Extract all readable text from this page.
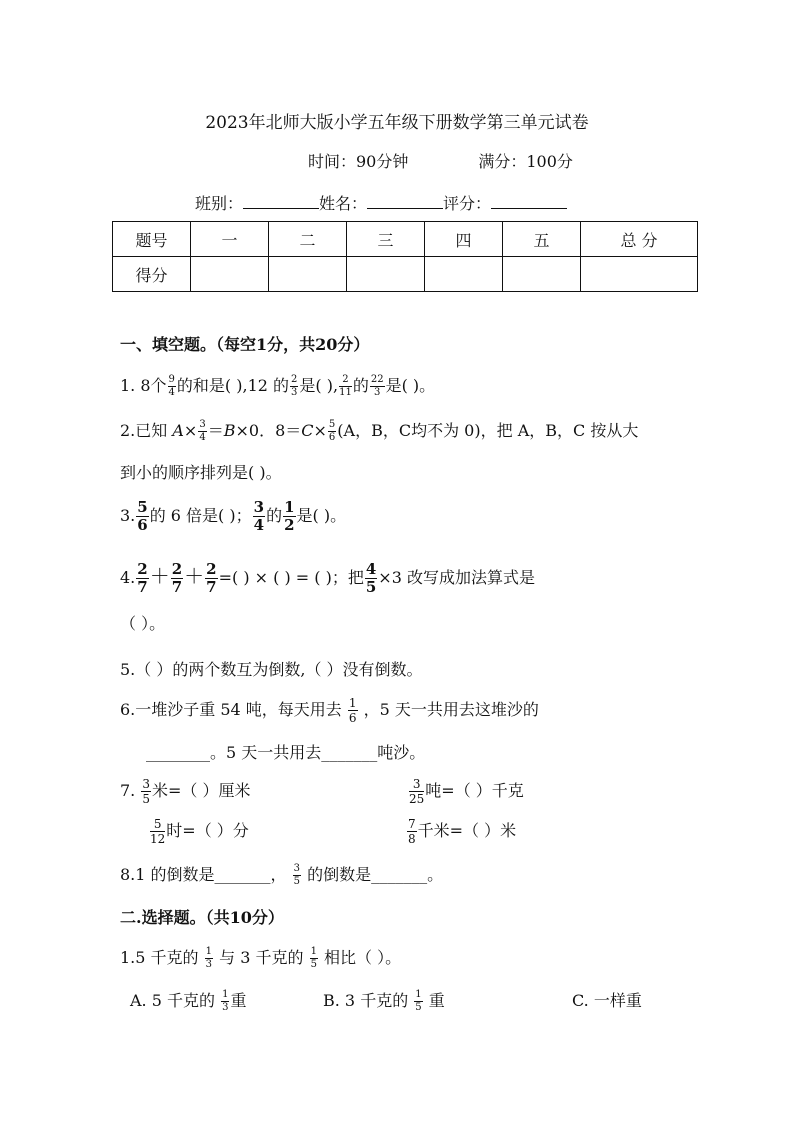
2023年北师大版小学五年级下册数学第三单元试卷
时间：90分钟	满分：100分
班别：	姓名：	评分：
题号	一	二	三	四	五	总 分
得分						
一、填空题。（每空1分，共20分）
1. 8个 $\frac{9}{4}$ 的和是( ),12 的 $\frac{2}{3}$ 是( ), $\frac{2}{11}$ 的 $\frac{22}{3}$ 是( )。
2.已知 $A\times \frac{3}{4} =B\times 0$．$8=C\times \frac{5}{6} (A$，B，C均不为 0)，把 A，B，C 按从大
到小的顺序排列是( )。
3. $\frac{5}{6}$ 的 6 倍是( )； $\frac{3}{4}$ 的 $\frac{1}{2}$ 是( )。
4. $\frac{2}{7} + \frac{2}{7} + \frac{2}{7}$ =( ) × ( ) = ( )；把 $\frac{4}{5} \times 3$ 改写成加法算式是
（ ）。
5.（ ）的两个数互为倒数,（ ）没有倒数。
6.一堆沙子重 54 吨，每天用去 $\frac{1}{6}$ ，5 天一共用去这堆沙的
________。5 天一共用去_______吨沙。
7. $\frac{3}{5}$ 米=（ ）厘米	$\frac{3}{25}$ 吨=（ ）千克
$\frac{5}{12}$ 时=（ ）分	$\frac{7}{8}$ 千米=（ ）米
8.1 的倒数是_______， $\frac{3}{5}$ 的倒数是_______。
二.选择题。（共10分）
1.5 千克的 $\frac{1}{3}$ 与 3 千克的 $\frac{1}{5}$ 相比（ ）。
A. 5 千克的 $\frac{1}{3}$ 重	B. 3 千克的 $\frac{1}{5}$ 重	C. 一样重
